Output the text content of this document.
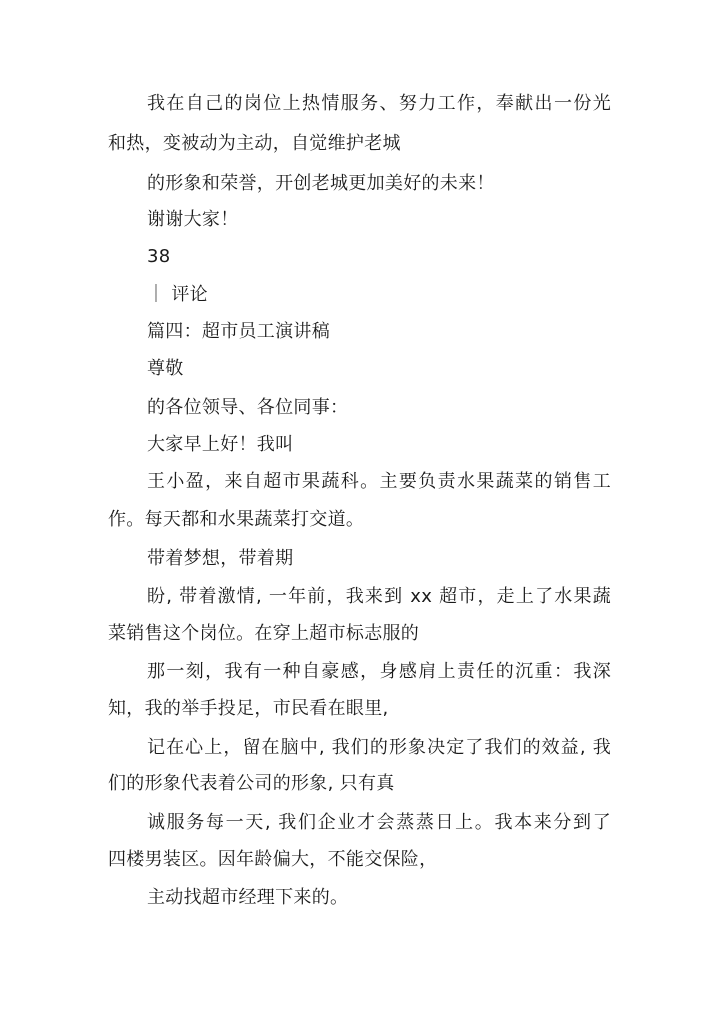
我在自己的岗位上热情服务、努力工作，奉献出一份光
和热，变被动为主动，自觉维护老城
的形象和荣誉，开创老城更加美好的未来！
谢谢大家！
38
｜ 评论
篇四：超市员工演讲稿
尊敬
的各位领导、各位同事：
大家早上好！我叫
王小盈，来自超市果蔬科。主要负责水果蔬菜的销售工
作。每天都和水果蔬菜打交道。
带着梦想，带着期
盼, 带着激情, 一年前，我来到 xx 超市，走上了水果蔬
菜销售这个岗位。在穿上超市标志服的
那一刻，我有一种自豪感，身感肩上责任的沉重：我深
知，我的举手投足，市民看在眼里,
记在心上，留在脑中, 我们的形象决定了我们的效益, 我
们的形象代表着公司的形象, 只有真
诚服务每一天, 我们企业才会蒸蒸日上。我本来分到了
四楼男装区。因年龄偏大，不能交保险，
主动找超市经理下来的。
